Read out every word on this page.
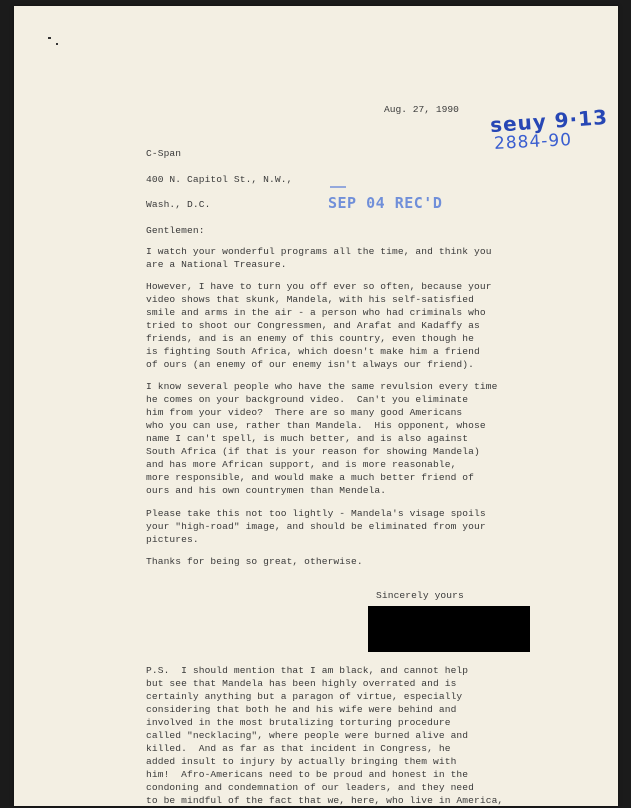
Aug. 27, 1990 seuy 9·13
2884-90
C-Span
400 N. Capitol St., N.W.,
Wash., D.C.	SEP 04 REC'D
Gentlemen:
I watch your wonderful programs all the time, and think you
are a National Treasure.
However, I have to turn you off ever so often, because your
video shows that skunk, Mandela, with his self-satisfied
smile and arms in the air - a person who had criminals who
tried to shoot our Congressmen, and Arafat and Kadaffy as
friends, and is an enemy of this country, even though he
is fighting South Africa, which doesn't make him a friend
of ours (an enemy of our enemy isn't always our friend).
I know several people who have the same revulsion every time
he comes on your background video.  Can't you eliminate
him from your video?  There are so many good Americans
who you can use, rather than Mandela.  His opponent, whose
name I can't spell, is much better, and is also against
South Africa (if that is your reason for showing Mandela)
and has more African support, and is more reasonable,
more responsible, and would make a much better friend of
ours and his own countrymen than Mendela.
Please take this not too lightly - Mandela's visage spoils
your "high-road" image, and should be eliminated from your
pictures.
Thanks for being so great, otherwise.
Sincerely yours
P.S.  I should mention that I am black, and cannot help
but see that Mandela has been highly overrated and is
certainly anything but a paragon of virtue, especially
considering that both he and his wife were behind and
involved in the most brutalizing torturing procedure
called "necklacing", where people were burned alive and
killed.  And as far as that incident in Congress, he
added insult to injury by actually bringing them with
him!  Afro-Americans need to be proud and honest in the
condoning and condemnation of our leaders, and they need
to be mindful of the fact that we, here, who live in America,
